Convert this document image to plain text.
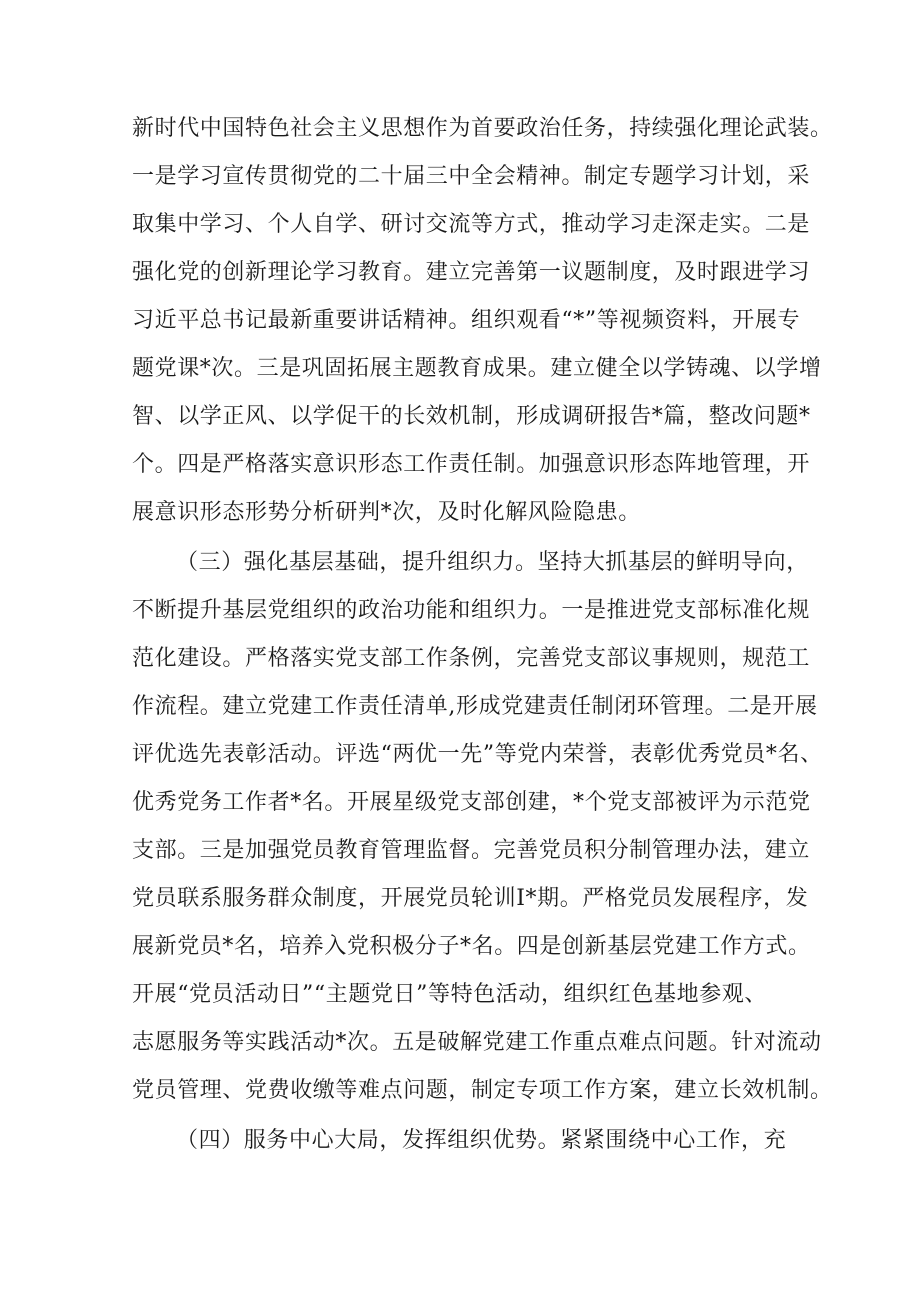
新时代中国特色社会主义思想作为首要政治任务，持续强化理论武装。
一是学习宣传贯彻党的二十届三中全会精神。制定专题学习计划，采
取集中学习、个人自学、研讨交流等方式，推动学习走深走实。二是
强化党的创新理论学习教育。建立完善第一议题制度，及时跟进学习
习近平总书记最新重要讲话精神。组织观看“*”等视频资料，开展专
题党课*次。三是巩固拓展主题教育成果。建立健全以学铸魂、以学增
智、以学正风、以学促干的长效机制，形成调研报告*篇，整改问题*
个。四是严格落实意识形态工作责任制。加强意识形态阵地管理，开
展意识形态形势分析研判*次，及时化解风险隐患。
（三）强化基层基础，提升组织力。坚持大抓基层的鲜明导向，
不断提升基层党组织的政治功能和组织力。一是推进党支部标准化规
范化建设。严格落实党支部工作条例，完善党支部议事规则，规范工
作流程。建立党建工作责任清单,形成党建责任制闭环管理。二是开展
评优选先表彰活动。评选“两优一先”等党内荣誉，表彰优秀党员*名、
优秀党务工作者*名。开展星级党支部创建，*个党支部被评为示范党
支部。三是加强党员教育管理监督。完善党员积分制管理办法，建立
党员联系服务群众制度，开展党员轮训I*期。严格党员发展程序，发
展新党员*名，培养入党积极分子*名。四是创新基层党建工作方式。
开展“党员活动日”“主题党日”等特色活动，组织红色基地参观、
志愿服务等实践活动*次。五是破解党建工作重点难点问题。针对流动
党员管理、党费收缴等难点问题，制定专项工作方案，建立长效机制。
（四）服务中心大局，发挥组织优势。紧紧围绕中心工作，充
